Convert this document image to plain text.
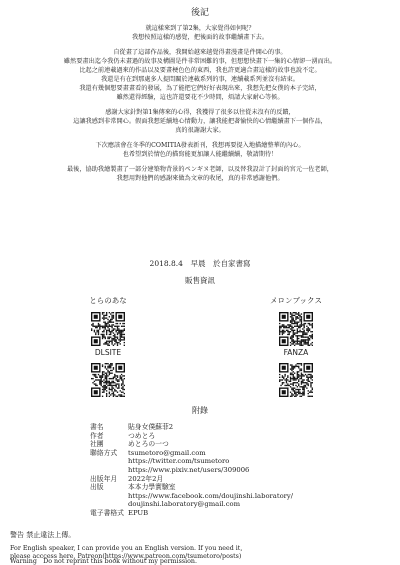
後記

就這樣來到了第2集，大家覺得如何呢？
我想按照這樣的感覺，把後面的故事繼續畫下去。

自從畫了這部作品後，我開始越來越覺得畫漫畫是件開心的事。
雖然要畫出迄今我仍未畫過的故事及構圖是件非常困難的事，但想想快畫下一集的心情卻一湧而出。
比起之前連載過來的作品以及要畫梗色色的東西，我也許更適合畫這樣的故事也說不定。
我還是有在到那處多人提問關於連載系列的事，連續載系列並沒有結束。
我還有幾個想要畫畫看的發展，為了能把它們好好表現出來，我想先把女僕的本子完結，
雖然還得經驗，這也許還要花不少時間，煩請大家耐心等候。

感謝大家針對第1集傳來的心得，我獲得了很多以往從未沒有的反饋，
這讓我感到非常開心。假面我想延續地心情動力，讓我能把著愉快的心情繼續畫下一個作品，
真的很謝謝大家。

下次應該會在冬季的COMITIA發表新刊，我想再要提入地描繪整華的內心。
也希望到於情色的描寫能更加讓人能繼續續，敬請期待！

最後，協助我繪製畫了一部分建築物背景的ペンギヌ老師，以及替我設計了封面的宮元一佐老師，
我想用對他們的感謝來做為文章的收尾，真的非常感謝他們。

2018.8.4　早晨　於自家書寫
販售資訊
とらのあな	メロンブックス
DLSITE	FANZA
附錄
書名	貼身女僕蘇菲2
作者	つめとろ
社團	めとろの一つ
聯絡方式	tsumetoro@gmail.com
https://twitter.com/tsumetoro
https://www.pixiv.net/users/309006
出版年月	2022年2月
出版	本本力學實驗室
https://www.facebook.com/doujinshi.laboratory/
doujinshi.laboratory@gmail.com
電子書格式 EPUB
警告 禁止違法上傳。
For English speaker, I can provide you an English version. If you need it,
please acccess here, Patreon(https://www.patreon.com/tsumetoro/posts)
Warning　Do not reprint this book without my permission.
